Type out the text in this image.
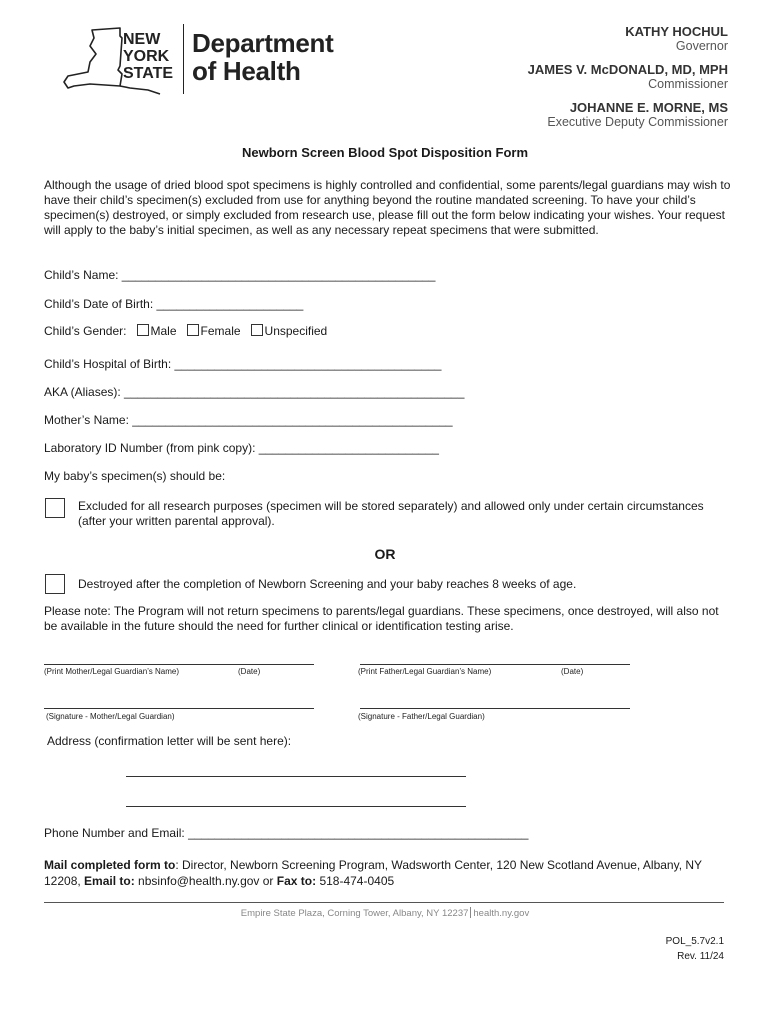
NEW
YORK
STATE
Department
of Health
KATHY HOCHUL
Governor
JAMES V. McDONALD, MD, MPH
Commissioner
JOHANNE E. MORNE, MS
Executive Deputy Commissioner
Newborn Screen Blood Spot Disposition Form
Although the usage of dried blood spot specimens is highly controlled and confidential, some parents/legal guardians may wish to have their child’s specimen(s) excluded from use for anything beyond the routine mandated screening. To have your child’s specimen(s) destroyed, or simply excluded from research use, please fill out the form below indicating your wishes. Your request will apply to the baby’s initial specimen, as well as any necessary repeat specimens that were submitted.
Child’s Name: _______________________________________________
Child’s Date of Birth: ______________________
Child’s Gender: Male Female Unspecified
Child’s Hospital of Birth: ________________________________________
AKA (Aliases): ___________________________________________________
Mother’s Name: ________________________________________________
Laboratory ID Number (from pink copy): ___________________________
My baby’s specimen(s) should be:
Excluded for all research purposes (specimen will be stored separately) and allowed only under certain circumstances (after your written parental approval).
OR
Destroyed after the completion of Newborn Screening and your baby reaches 8 weeks of age.
Please note: The Program will not return specimens to parents/legal guardians. These specimens, once destroyed, will also not be available in the future should the need for further clinical or identification testing arise.
(Print Mother/Legal Guardian’s Name)	(Date)	(Print Father/Legal Guardian’s Name)	(Date)
(Signature - Mother/Legal Guardian)	(Signature - Father/Legal Guardian)
Address (confirmation letter will be sent here):
Phone Number and Email: ___________________________________________________
Mail completed form to: Director, Newborn Screening Program, Wadsworth Center, 120 New Scotland Avenue, Albany, NY 12208, Email to: nbsinfo@health.ny.gov or Fax to: 518-474-0405
Empire State Plaza, Corning Tower, Albany, NY 12237 health.ny.gov
POL_5.7v2.1
Rev. 11/24
